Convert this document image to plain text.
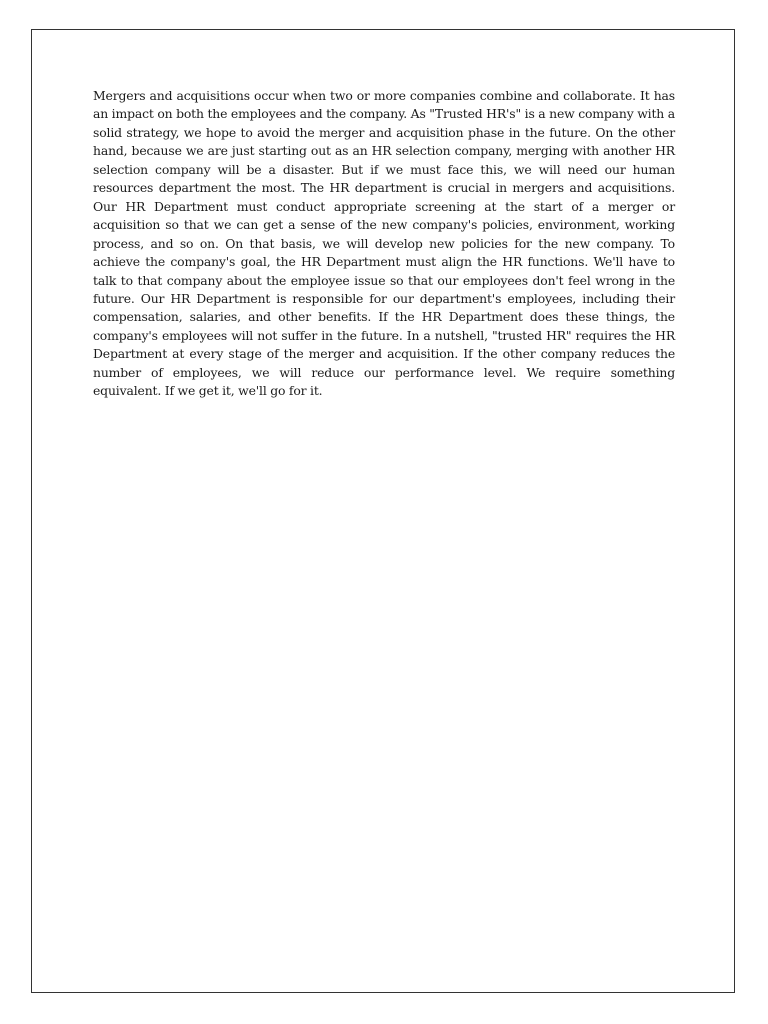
Mergers and acquisitions occur when two or more companies combine and collaborate. It has an impact on both the employees and the company. As "Trusted HR's" is a new company with a solid strategy, we hope to avoid the merger and acquisition phase in the future. On the other hand, because we are just starting out as an HR selection company, merging with another HR selection company will be a disaster. But if we must face this, we will need our human resources department the most. The HR department is crucial in mergers and acquisitions. Our HR Department must conduct appropriate screening at the start of a merger or acquisition so that we can get a sense of the new company's policies, environment, working process, and so on. On that basis, we will develop new policies for the new company. To achieve the company's goal, the HR Department must align the HR functions. We'll have to talk to that company about the employee issue so that our employees don't feel wrong in the future. Our HR Department is responsible for our department's employees, including their compensation, salaries, and other benefits. If the HR Department does these things, the company's employees will not suffer in the future. In a nutshell, "trusted HR" requires the HR Department at every stage of the merger and acquisition. If the other company reduces the number of employees, we will reduce our performance level. We require something equivalent. If we get it, we'll go for it.
